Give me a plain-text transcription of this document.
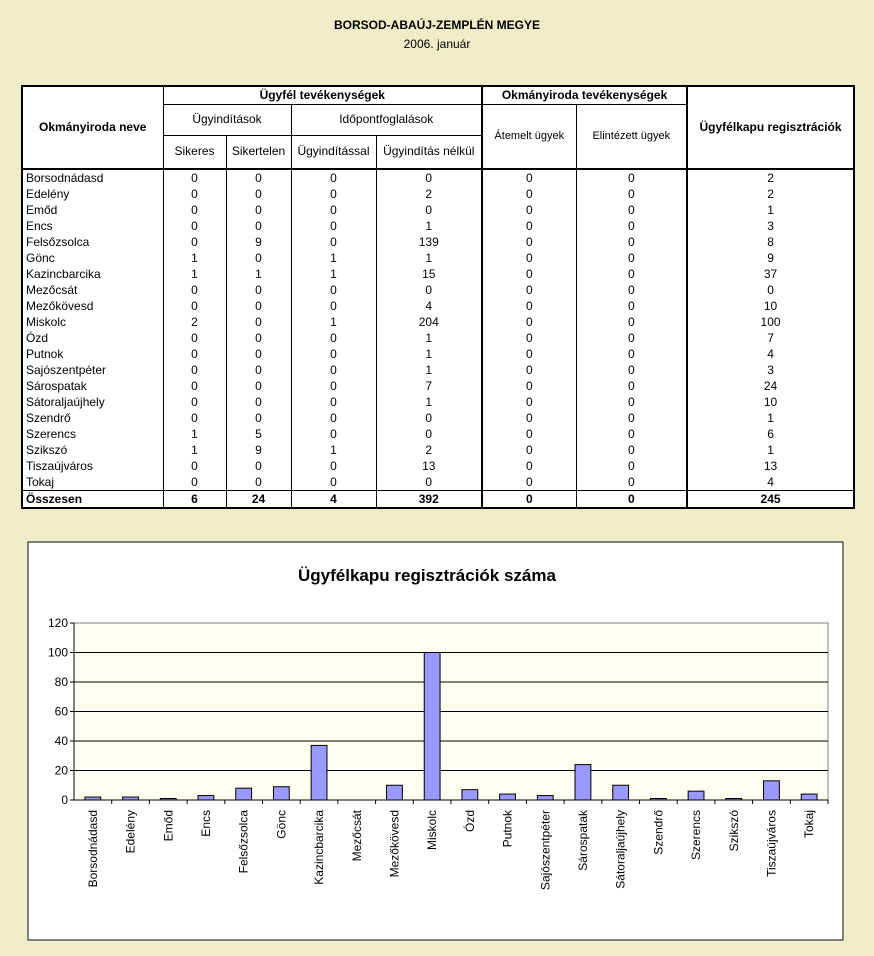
BORSOD-ABAÚJ-ZEMPLÉN MEGYE
2006. január
Okmányiroda neve	Ügyfél tevékenységek				Okmányiroda tevékenységek		Ügyfélkapu regisztrációk
	Ügyindítások		Időpontfoglalások		Átemelt ügyek	Elintézett ügyek	
	Sikeres	Sikertelen	Ügyindítással	Ügyindítás nélkül			
Borsodnádasd	0	0	0	0	0	0	2
Edelény	0	0	0	2	0	0	2
Emőd	0	0	0	0	0	0	1
Encs	0	0	0	1	0	0	3
Felsőzsolca	0	9	0	139	0	0	8
Gönc	1	0	1	1	0	0	9
Kazincbarcika	1	1	1	15	0	0	37
Mezőcsát	0	0	0	0	0	0	0
Mezőkövesd	0	0	0	4	0	0	10
Miskolc	2	0	1	204	0	0	100
Ózd	0	0	0	1	0	0	7
Putnok	0	0	0	1	0	0	4
Sajószentpéter	0	0	0	1	0	0	3
Sárospatak	0	0	0	7	0	0	24
Sátoraljaújhely	0	0	0	1	0	0	10
Szendrő	0	0	0	0	0	0	1
Szerencs	1	5	0	0	0	0	6
Szikszó	1	9	1	2	0	0	1
Tiszaújváros	0	0	0	13	0	0	13
Tokaj	0	0	0	0	0	0	4
Összesen	6	24	4	392	0	0	245
Ügyfélkapu regisztrációk száma
0
20
40
60
80
100
120
Borsodnádasd Edelény Emőd Encs Felsőzsolca Gönc Kazincbarcika Mezőcsát Mezőkövesd Miskolc Ózd Putnok Sajószentpéter Sárospatak Sátoraljaújhely Szendrő Szerencs Szikszó Tiszaújváros Tokaj
